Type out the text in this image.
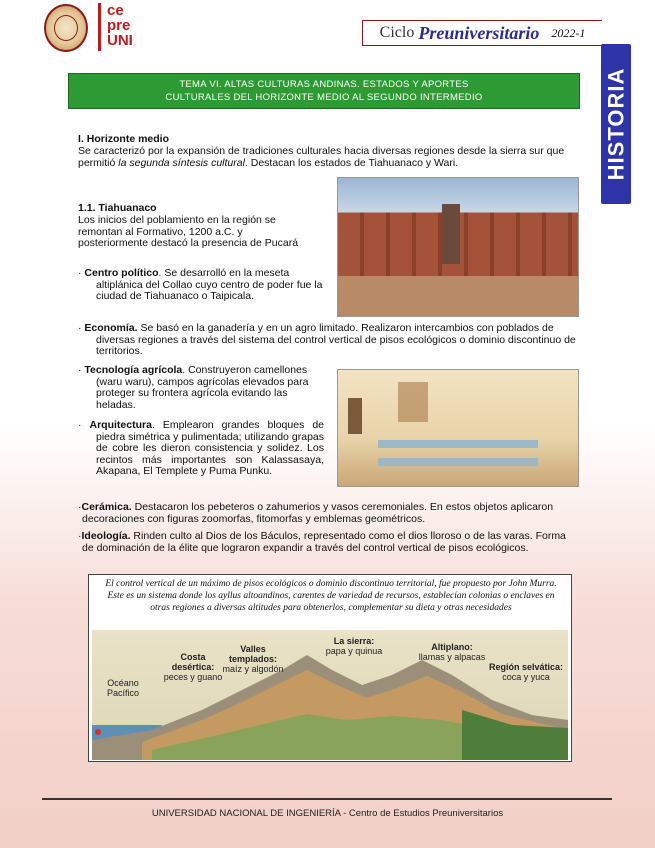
ce
pre
UNI	Ciclo Preuniversitario 2022-1
HISTORIA
TEMA VI. ALTAS CULTURAS ANDINAS. ESTADOS Y APORTES
CULTURALES DEL HORIZONTE MEDIO AL SEGUNDO INTERMEDIO
I. Horizonte medio
Se caracterizó por la expansión de tradiciones culturales hacia diversas regiones desde la sierra sur que permitió la segunda síntesis cultural. Destacan los estados de Tiahuanaco y Wari.
1.1. Tiahuanaco
Los inicios del poblamiento en la región se remontan al Formativo, 1200 a.C. y posteriormente destacó la presencia de Pucará
· Centro político. Se desarrolló en la meseta altiplánica del Collao cuyo centro de poder fue la ciudad de Tiahuanaco o Taipicala.
· Economía. Se basó en la ganadería y en un agro limitado. Realizaron intercambios con poblados de diversas regiones a través del sistema del control vertical de pisos ecológicos o dominio discontinuo de territorios.
· Tecnología agrícola. Construyeron camellones (waru waru), campos agrícolas elevados para proteger su frontera agrícola evitando las heladas.
· Arquitectura. Emplearon grandes bloques de piedra simétrica y pulimentada; utilizando grapas de cobre les dieron consistencia y solidez. Los recintos más importantes son Kalassasaya, Akapana, El Templete y Puma Punku.
·Cerámica. Destacaron los pebeteros o zahumerios y vasos ceremoniales. En estos objetos aplicaron decoraciones con figuras zoomorfas, fitomorfas y emblemas geométricos.
·Ideología. Rinden culto al Dios de los Báculos, representado como el dios lloroso o de las varas. Forma de dominación de la élite que lograron expandir a través del control vertical de pisos ecológicos.
El control vertical de un máximo de pisos ecológicos o dominio discontinuo territorial, fue propuesto por John Murra. Este es un sistema donde los ayllus altoandinos, carentes de variedad de recursos, establecían colonias o enclaves en otras regiones a diversas altitudes para obtenerlos, complementar su dieta y otras necesidades
Costa desértica:
peces y guano
Océano
Pacífico
Valles templados:
maíz y algodón
La sierra:
papa y quinua	Altiplano:
llamas y alpacas
Región selvática:
coca y yuca
UNIVERSIDAD NACIONAL DE INGENIERÍA - Centro de Estudios Preuniversitarios
